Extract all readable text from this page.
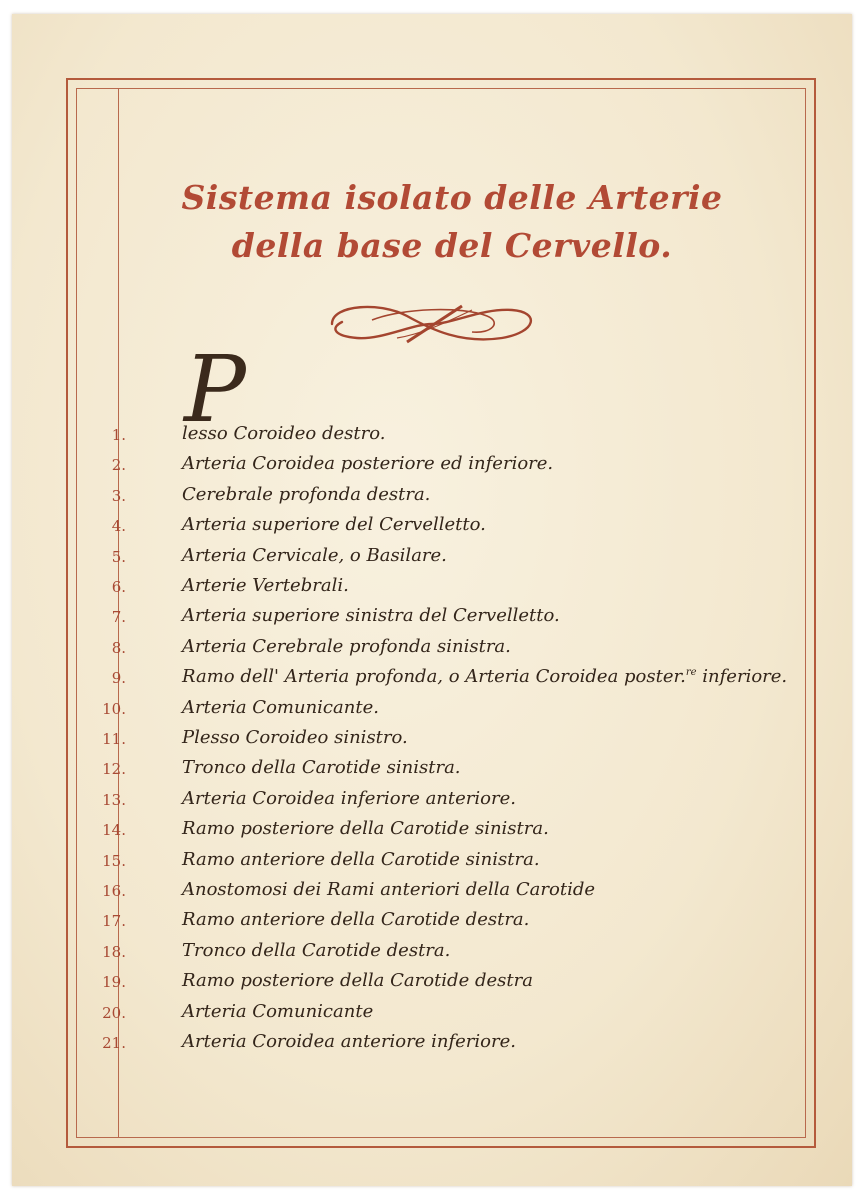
Sistema isolato delle Arterie
della base del Cervello.
P
1.	lesso Coroideo destro.
2.	Arteria Coroidea posteriore ed inferiore.
3.	Cerebrale profonda destra.
4.	Arteria superiore del Cervelletto.
5.	Arteria Cervicale, o Basilare.
6.	Arterie Vertebrali.
7.	Arteria superiore sinistra del Cervelletto.
8.	Arteria Cerebrale profonda sinistra.
9.	Ramo dell' Arteria profonda, o Arteria Coroidea poster.$^{re}$ inferiore.
10.	Arteria Comunicante.
11.	Plesso Coroideo sinistro.
12.	Tronco della Carotide sinistra.
13.	Arteria Coroidea inferiore anteriore.
14.	Ramo posteriore della Carotide sinistra.
15.	Ramo anteriore della Carotide sinistra.
16.	Anostomosi dei Rami anteriori della Carotide
17.	Ramo anteriore della Carotide destra.
18.	Tronco della Carotide destra.
19.	Ramo posteriore della Carotide destra
20.	Arteria Comunicante
21.	Arteria Coroidea anteriore inferiore.
